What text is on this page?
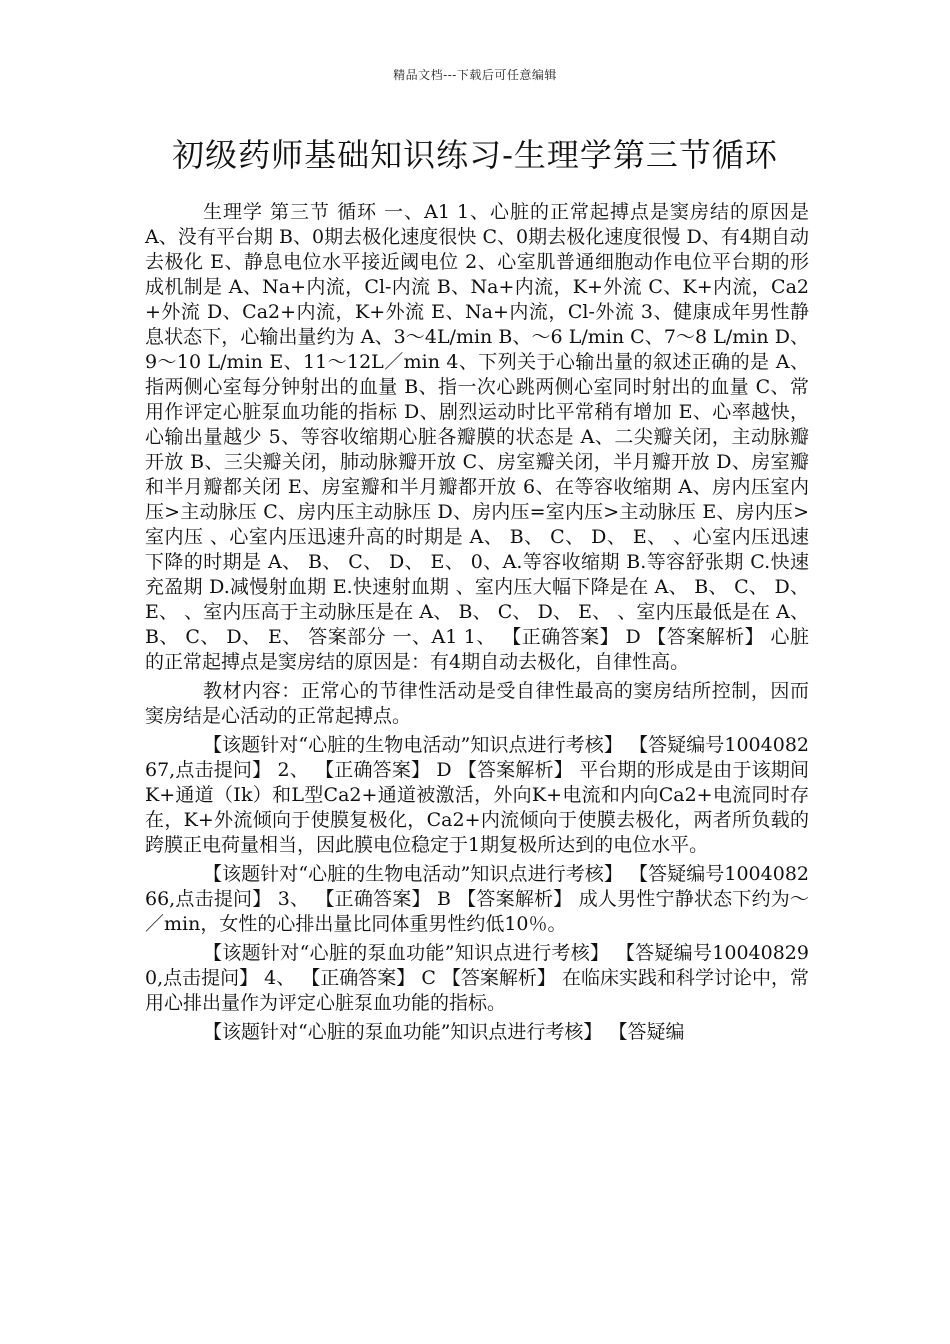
精品文档---下载后可任意编辑
初级药师基础知识练习-生理学第三节循环

生理学 第三节 循环 一、A1 1、心脏的正常起搏点是窦房结的原因是 A、没有平台期 B、0期去极化速度很快 C、0期去极化速度很慢 D、有4期自动去极化 E、静息电位水平接近阈电位 2、心室肌普通细胞动作电位平台期的形成机制是 A、Na+内流，Cl-内流 B、Na+内流，K+外流 C、K+内流，Ca2+外流 D、Ca2+内流，K+外流 E、Na+内流，Cl-外流 3、健康成年男性静息状态下，心输出量约为 A、3～4L/min B、～6 L/min C、7～8 L/min D、9～10 L/min E、11～12L／min 4、下列关于心输出量的叙述正确的是 A、指两侧心室每分钟射出的血量 B、指一次心跳两侧心室同时射出的血量 C、常用作评定心脏泵血功能的指标 D、剧烈运动时比平常稍有增加 E、心率越快，心输出量越少 5、等容收缩期心脏各瓣膜的状态是 A、二尖瓣关闭，主动脉瓣开放 B、三尖瓣关闭，肺动脉瓣开放 C、房室瓣关闭，半月瓣开放 D、房室瓣和半月瓣都关闭 E、房室瓣和半月瓣都开放 6、在等容收缩期 A、房内压室内压>主动脉压 C、房内压主动脉压 D、房内压=室内压>主动脉压 E、房内压>室内压 、心室内压迅速升高的时期是 A、 B、 C、 D、 E、 、心室内压迅速下降的时期是 A、 B、 C、 D、 E、 0、A.等容收缩期 B.等容舒张期 C.快速充盈期 D.减慢射血期 E.快速射血期 、室内压大幅下降是在 A、 B、 C、 D、 E、 、室内压高于主动脉压是在 A、 B、 C、 D、 E、 、室内压最低是在 A、 B、 C、 D、 E、 答案部分 一、A1 1、 【正确答案】 D 【答案解析】 心脏的正常起搏点是窦房结的原因是：有4期自动去极化，自律性高。

教材内容：正常心的节律性活动是受自律性最高的窦房结所控制，因而窦房结是心活动的正常起搏点。

【该题针对“心脏的生物电活动”知识点进行考核】 【答疑编号100408267,点击提问】 2、 【正确答案】 D 【答案解析】 平台期的形成是由于该期间K+通道（Ⅰk）和L型Ca2+通道被激活，外向K+电流和内向Ca2+电流同时存在，K+外流倾向于使膜复极化，Ca2+内流倾向于使膜去极化，两者所负载的跨膜正电荷量相当，因此膜电位稳定于1期复极所达到的电位水平。

【该题针对“心脏的生物电活动”知识点进行考核】 【答疑编号100408266,点击提问】 3、 【正确答案】 B 【答案解析】 成人男性宁静状态下约为～／min，女性的心排出量比同体重男性约低10％。

【该题针对“心脏的泵血功能”知识点进行考核】 【答疑编号100408290,点击提问】 4、 【正确答案】 C 【答案解析】 在临床实践和科学讨论中，常用心排出量作为评定心脏泵血功能的指标。

【该题针对“心脏的泵血功能”知识点进行考核】 【答疑编
